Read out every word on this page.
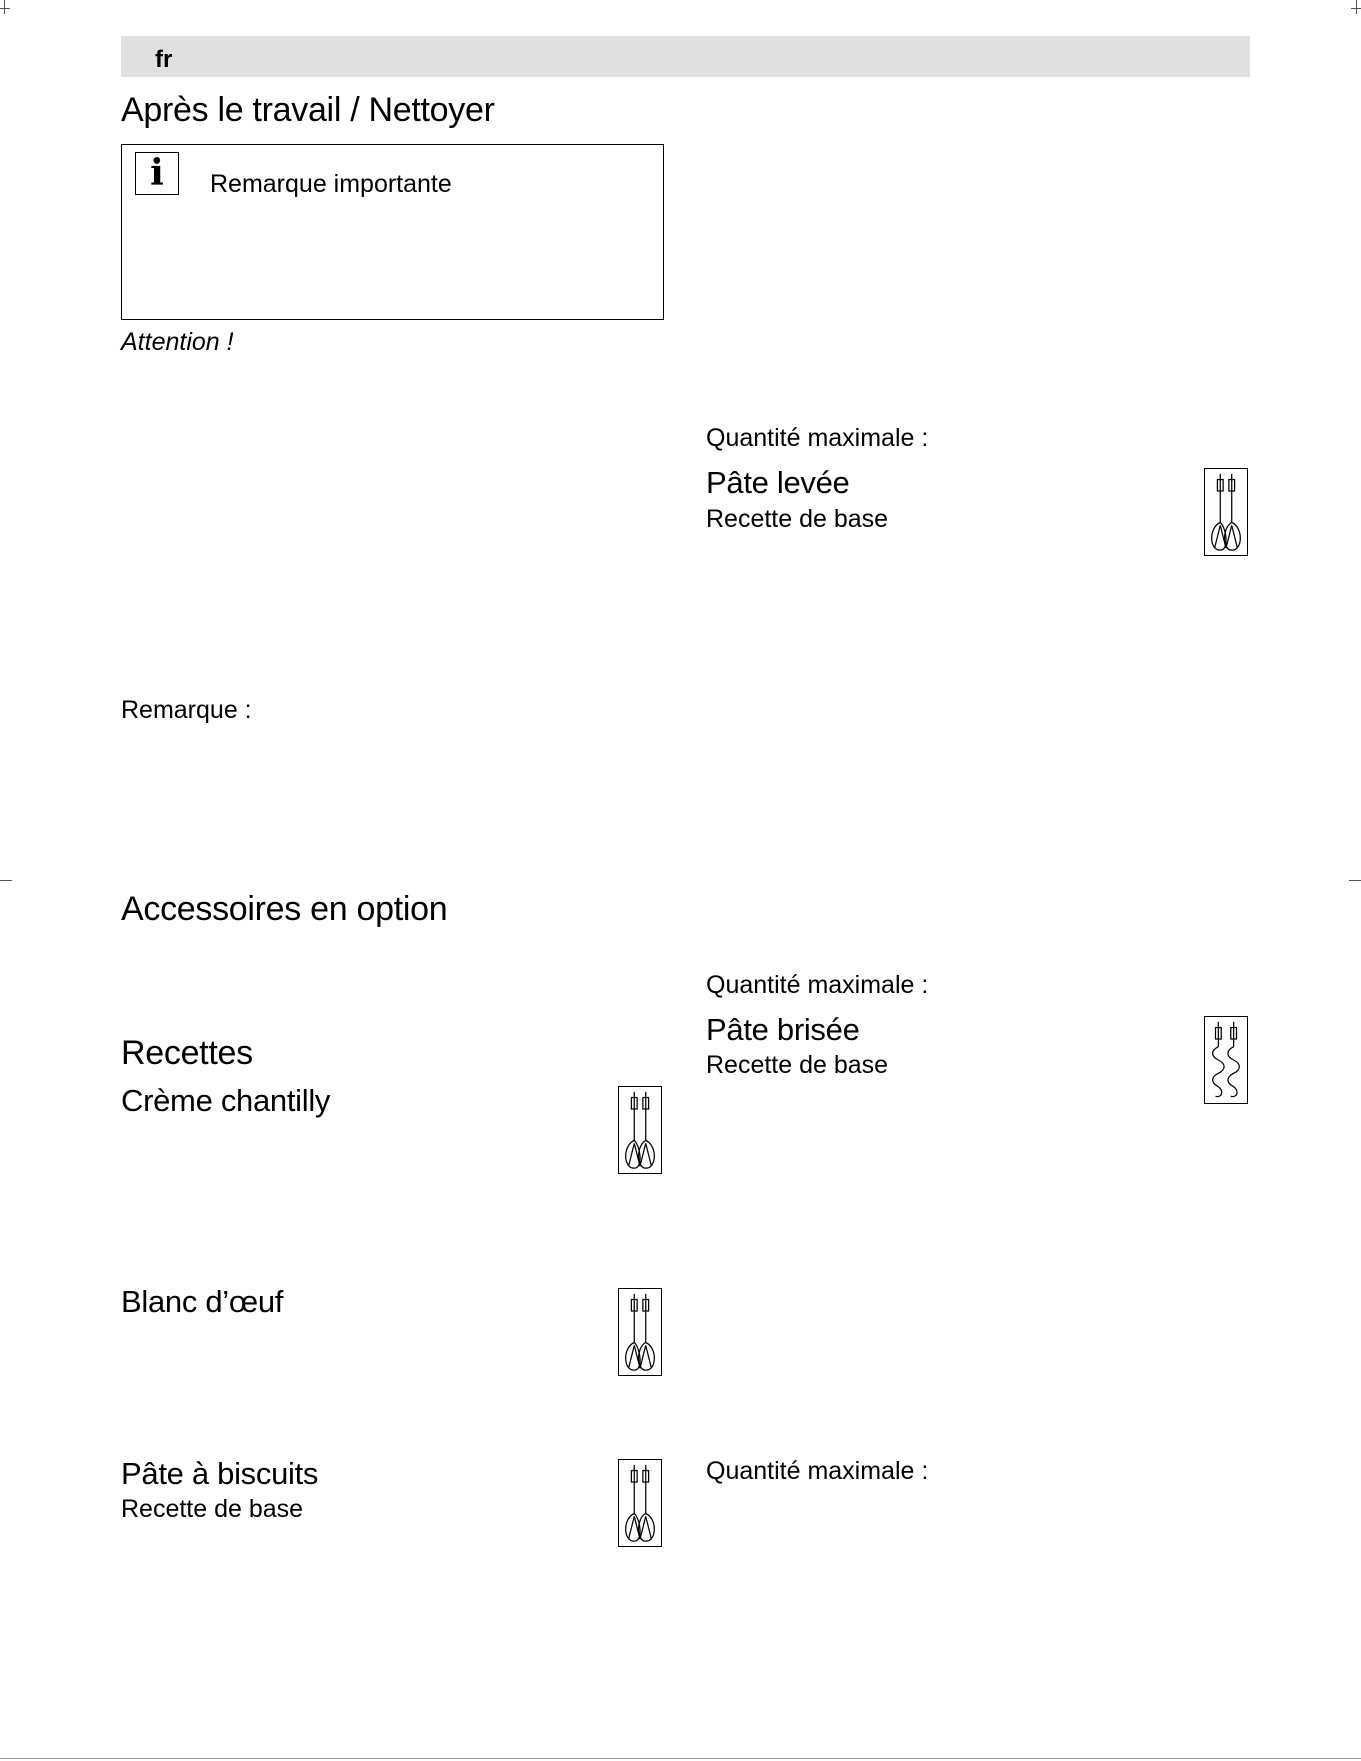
fr
Après le travail / Nettoyer
i	Remarque importante
Attention !
Remarque :
Accessoires en option
Recettes
Crème chantilly
Blanc d’œuf
Pâte à biscuits
Recette de base
Quantité maximale :
Pâte levée
Recette de base
Quantité maximale :
Pâte brisée
Recette de base
Quantité maximale :
